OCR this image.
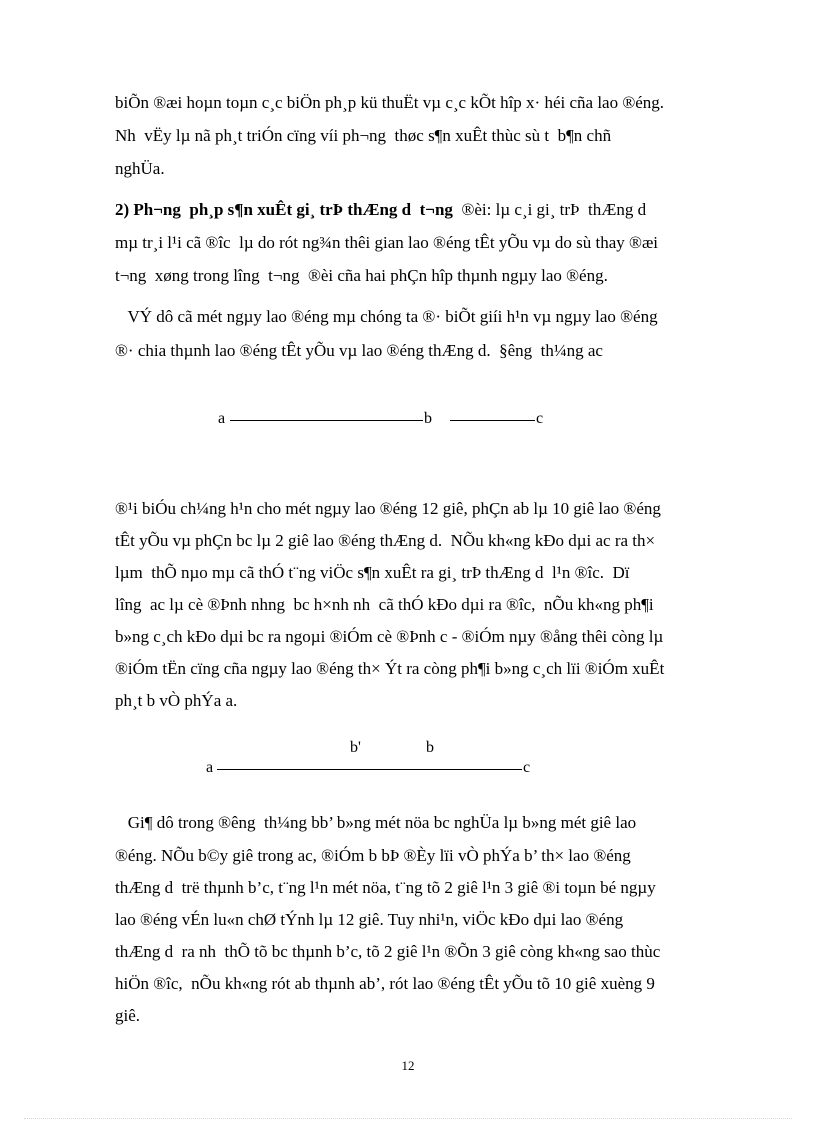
biÕn ®æi hoµn toµn c¸c biÖn ph¸p kü thuËt vµ c¸c kÕt hîp x· héi cña lao ®éng.
Nh  vËy lµ nã ph¸t triÓn cïng víi ph¬ng  thøc s¶n xuÊt thùc sù t  b¶n chñ
nghÜa.
2) Ph¬ng  ph¸p s¶n xuÊt gi¸ trÞ thÆng d  t¬ng  ®èi: lµ c¸i gi¸ trÞ  thÆng d
mµ tr¸i l¹i cã ®îc  lµ do rót ng¾n thêi gian lao ®éng tÊt yÕu vµ do sù thay ®æi
t¬ng  xøng trong lîng  t¬ng  ®èi cña hai phÇn hîp thµnh ngµy lao ®éng.
VÝ dô cã mét ngµy lao ®éng mµ chóng ta ®· biÕt giíi h¹n vµ ngµy lao ®éng
®· chia thµnh lao ®éng tÊt yÕu vµ lao ®éng thÆng d.  §êng  th¼ng ac
a	b	c
®¹i biÓu ch¼ng h¹n cho mét ngµy lao ®éng 12 giê, phÇn ab lµ 10 giê lao ®éng
tÊt yÕu vµ phÇn bc lµ 2 giê lao ®éng thÆng d.  NÕu kh«ng kÐo dµi ac ra th×
lµm  thÕ nµo mµ cã thÓ t¨ng viÖc s¶n xuÊt ra gi¸ trÞ thÆng d  l¹n ®îc.  Dï
lîng  ac lµ cè ®Þnh nhng  bc h×nh nh  cã thÓ kÐo dµi ra ®îc,  nÕu kh«ng ph¶i
b»ng c¸ch kÐo dµi bc ra ngoµi ®iÓm cè ®Þnh c - ®iÓm nµy ®ång thêi còng lµ
®iÓm tËn cïng cña ngµy lao ®éng th× Ýt ra còng ph¶i b»ng c¸ch lïi ®iÓm xuÊt
ph¸t b vÒ phÝa a.
b'	b
a	c
Gi¶ dô trong ®êng  th¼ng bb’ b»ng mét nöa bc nghÜa lµ b»ng mét giê lao
®éng. NÕu b©y giê trong ac, ®iÓm b bÞ ®Èy lïi vÒ phÝa b’ th× lao ®éng
thÆng d  trë thµnh b’c, t¨ng l¹n mét nöa, t¨ng tõ 2 giê l¹n 3 giê ®i toµn bé ngµy
lao ®éng vÉn lu«n chØ tÝnh lµ 12 giê. Tuy nhi¹n, viÖc kÐo dµi lao ®éng
thÆng d  ra nh  thÕ tõ bc thµnh b’c, tõ 2 giê l¹n ®Õn 3 giê còng kh«ng sao thùc
hiÖn ®îc,  nÕu kh«ng rót ab thµnh ab’, rót lao ®éng tÊt yÕu tõ 10 giê xuèng 9
giê.
12
